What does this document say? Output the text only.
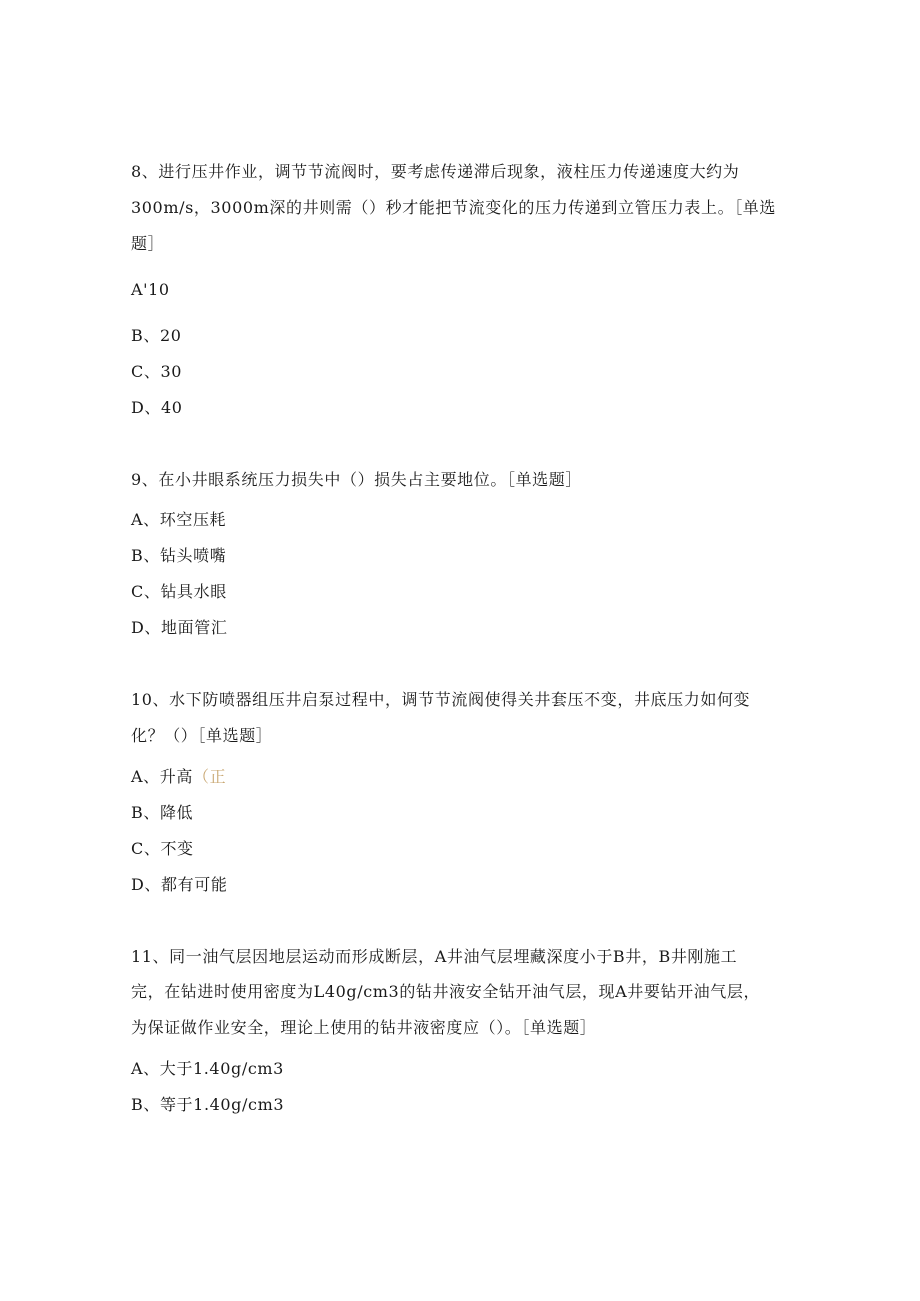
8、进行压井作业，调节节流阀时，要考虑传递滞后现象，液柱压力传递速度大约为
300m∕s，3000m深的井则需（）秒才能把节流变化的压力传递到立管压力表上。［单选
题］
A'10
B、20
C、30
D、40
9、在小井眼系统压力损失中（）损失占主要地位。［单选题］
A、环空压耗
B、钻头喷嘴
C、钻具水眼
D、地面管汇
10、水下防喷器组压井启泵过程中，调节节流阀使得关井套压不变，井底压力如何变
化？（）［单选题］
A、升高（正
B、降低
C、不变
D、都有可能
11、同一油气层因地层运动而形成断层，A井油气层埋藏深度小于B井，B井刚施工
完，在钻进时使用密度为L40g∕cm3的钻井液安全钻开油气层，现A井要钻开油气层，
为保证做作业安全，理论上使用的钻井液密度应（）。［单选题］
A、大于1.40g∕cm3
B、等于1.40g∕cm3
